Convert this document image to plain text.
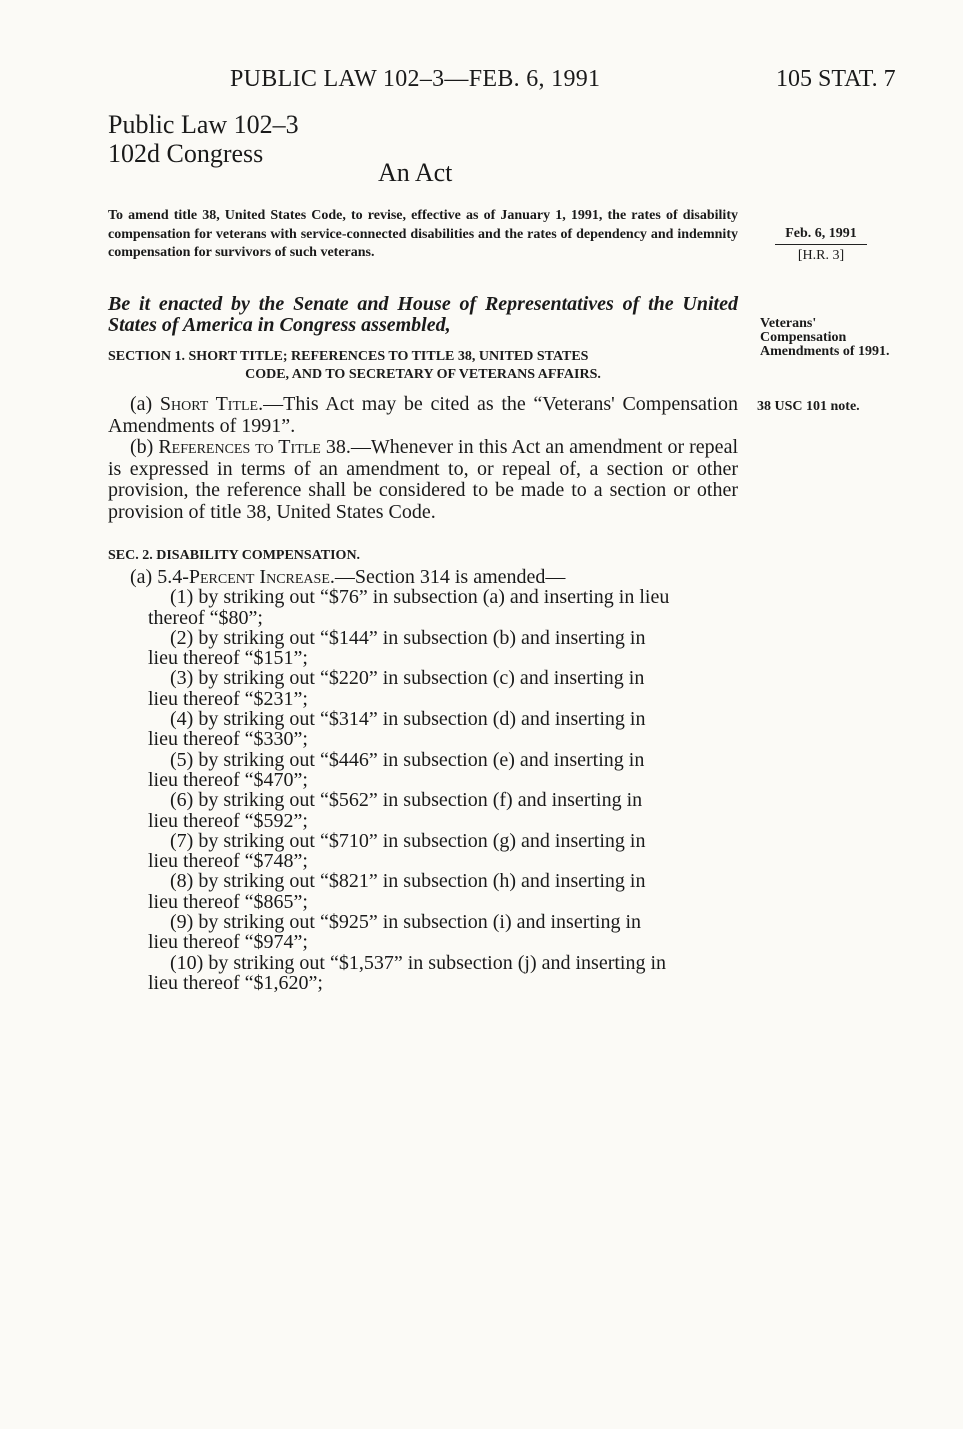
PUBLIC LAW 102–3—FEB. 6, 1991	105 STAT. 7
Public Law 102–3
102d Congress
An Act
To amend title 38, United States Code, to revise, effective as of January 1, 1991, the rates of disability compensation for veterans with service-connected disabilities and the rates of dependency and indemnity compensation for survivors of such veterans.
Feb. 6, 1991
[H.R. 3]
Be it enacted by the Senate and House of Representatives of the United States of America in Congress assembled,	Veterans' Compensation Amendments of 1991.
SECTION 1. SHORT TITLE; REFERENCES TO TITLE 38, UNITED STATES
CODE, AND TO SECRETARY OF VETERANS AFFAIRS.
38 USC 101 note.

(a) Short Title.—This Act may be cited as the “Veterans' Compensation Amendments of 1991”.

(b) References to Title 38.—Whenever in this Act an amendment or repeal is expressed in terms of an amendment to, or repeal of, a section or other provision, the reference shall be considered to be made to a section or other provision of title 38, United States Code.

SEC. 2. DISABILITY COMPENSATION.

(a) 5.4-Percent Increase.—Section 314 is amended—

(1) by striking out “$76” in subsection (a) and inserting in lieu
thereof “$80”;

(2) by striking out “$144” in subsection (b) and inserting in
lieu thereof “$151”;

(3) by striking out “$220” in subsection (c) and inserting in
lieu thereof “$231”;

(4) by striking out “$314” in subsection (d) and inserting in
lieu thereof “$330”;

(5) by striking out “$446” in subsection (e) and inserting in
lieu thereof “$470”;

(6) by striking out “$562” in subsection (f) and inserting in
lieu thereof “$592”;

(7) by striking out “$710” in subsection (g) and inserting in
lieu thereof “$748”;

(8) by striking out “$821” in subsection (h) and inserting in
lieu thereof “$865”;

(9) by striking out “$925” in subsection (i) and inserting in
lieu thereof “$974”;

(10) by striking out “$1,537” in subsection (j) and inserting in
lieu thereof “$1,620”;
